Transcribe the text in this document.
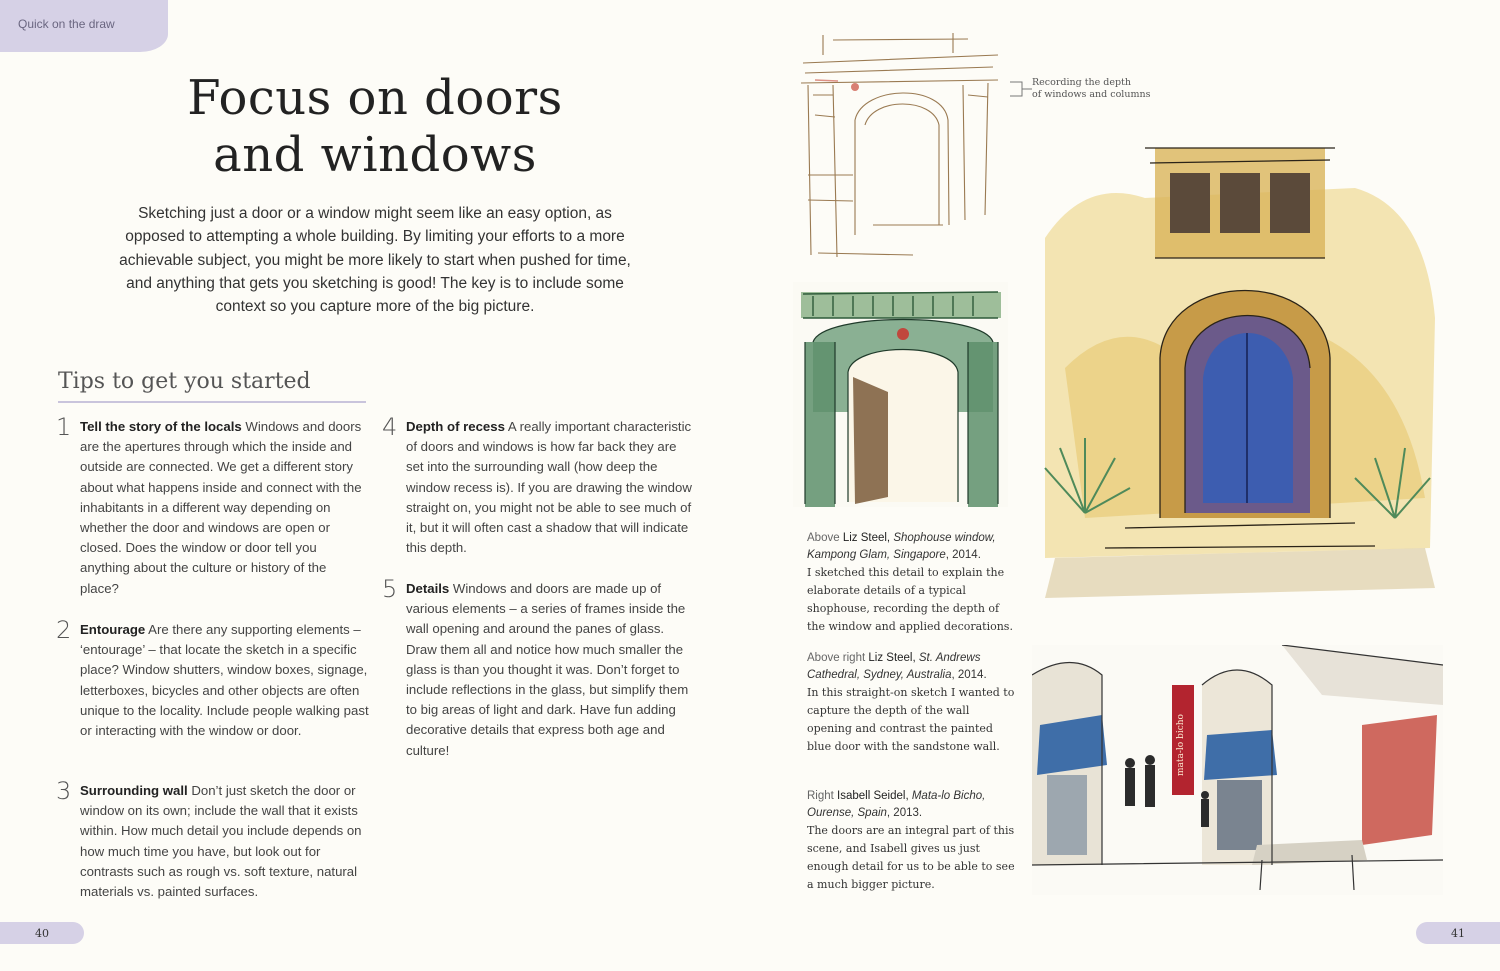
Quick on the draw
Focus on doors
and windows
Sketching just a door or a window might seem like an easy option, as opposed to attempting a whole building. By limiting your efforts to a more achievable subject, you might be more likely to start when pushed for time, and anything that gets you sketching is good! The key is to include some context so you capture more of the big picture.
Tips to get you started
1 Tell the story of the locals Windows and doors are the apertures through which the inside and outside are connected. We get a different story about what happens inside and connect with the inhabitants in a different way depending on whether the door and windows are open or closed. Does the window or door tell you anything about the culture or history of the place?
2 Entourage Are there any supporting elements – ‘entourage’ – that locate the sketch in a specific place? Window shutters, window boxes, signage, letterboxes, bicycles and other objects are often unique to the locality. Include people walking past or interacting with the window or door.
3 Surrounding wall Don’t just sketch the door or window on its own; include the wall that it exists within. How much detail you include depends on how much time you have, but look out for contrasts such as rough vs. soft texture, natural materials vs. painted surfaces.
4 Depth of recess A really important characteristic of doors and windows is how far back they are set into the surrounding wall (how deep the window recess is). If you are drawing the window straight on, you might not be able to see much of it, but it will often cast a shadow that will indicate this depth.
5 Details Windows and doors are made up of various elements – a series of frames inside the wall opening and around the panes of glass. Draw them all and notice how much smaller the glass is than you thought it was. Don’t forget to include reflections in the glass, but simplify them to big areas of light and dark. Have fun adding decorative details that express both age and culture!
40	41
Recording the depth
of windows and columns
mata-lo bicho
Above Liz Steel, Shophouse window, Kampong Glam, Singapore, 2014.
I sketched this detail to explain the elaborate details of a typical shophouse, recording the depth of the window and applied decorations.
Above right Liz Steel, St. Andrews Cathedral, Sydney, Australia, 2014.
In this straight-on sketch I wanted to capture the depth of the wall opening and contrast the painted blue door with the sandstone wall.
Right Isabell Seidel, Mata-lo Bicho, Ourense, Spain, 2013.
The doors are an integral part of this scene, and Isabell gives us just enough detail for us to be able to see a much bigger picture.
